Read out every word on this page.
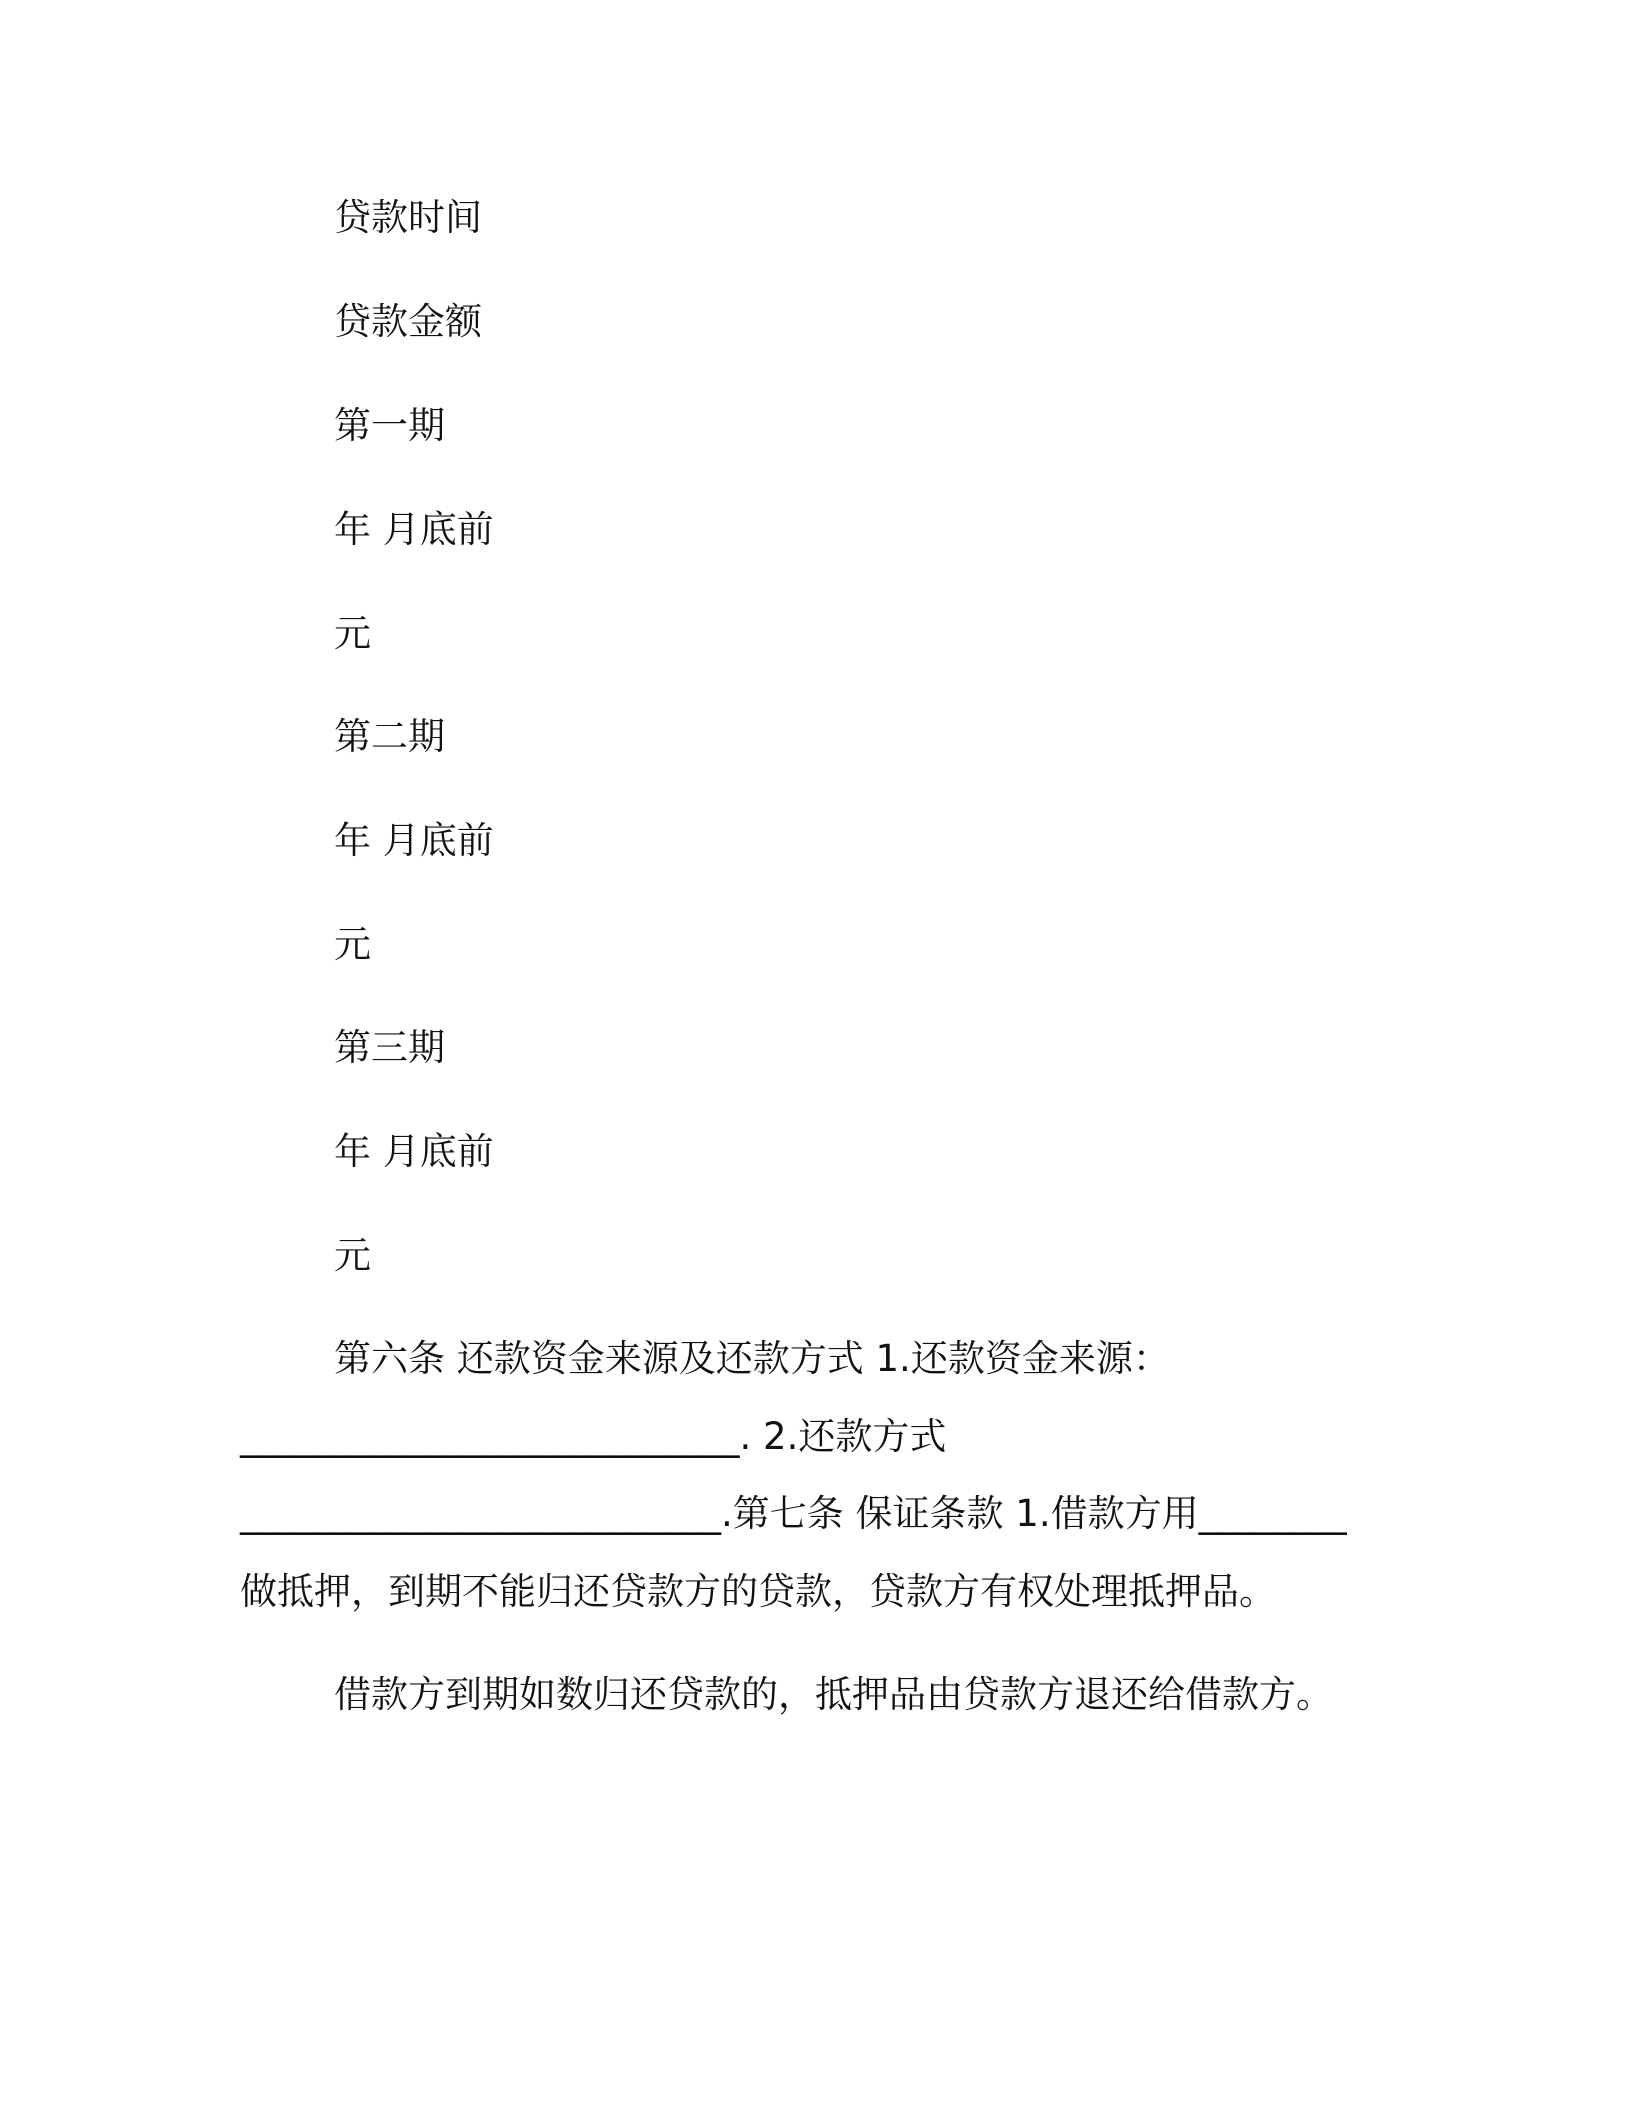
贷款时间
贷款金额
第一期
年 月底前
元
第二期
年 月底前
元
第三期
年 月底前
元
第六条 还款资金来源及还款方式 1.还款资金来源：
___________________________. 2.还款方式
__________________________.第七条 保证条款 1.借款方用________
做抵押，到期不能归还贷款方的贷款，贷款方有权处理抵押品。
借款方到期如数归还贷款的，抵押品由贷款方退还给借款方。
